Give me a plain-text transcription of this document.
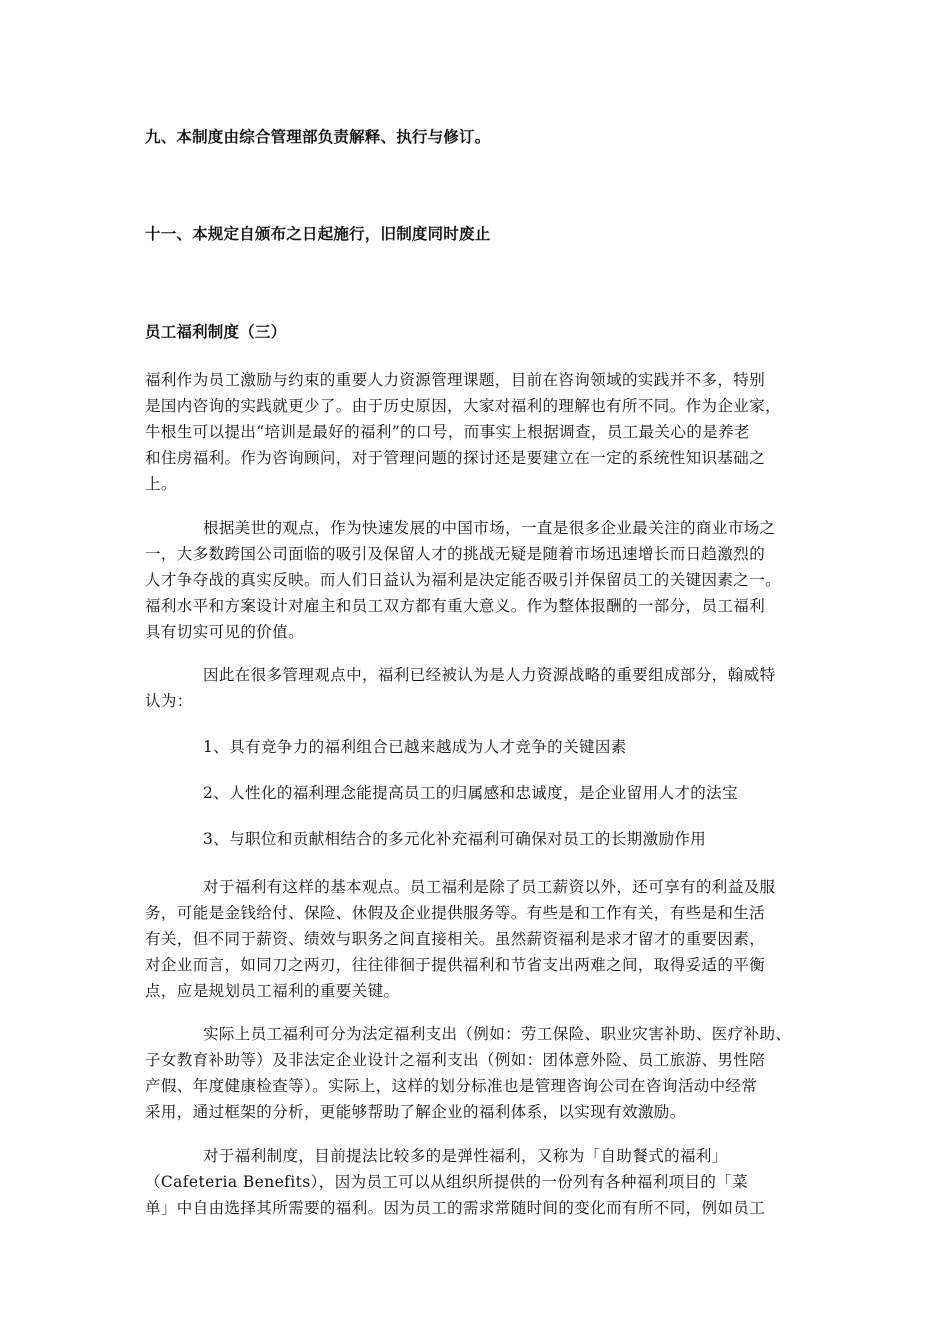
九、本制度由综合管理部负责解释、执行与修订。
十一、本规定自颁布之日起施行，旧制度同时废止
员工福利制度（三）
福利作为员工激励与约束的重要人力资源管理课题，目前在咨询领域的实践并不多，特别
是国内咨询的实践就更少了。由于历史原因，大家对福利的理解也有所不同。作为企业家，
牛根生可以提出“培训是最好的福利”的口号，而事实上根据调查，员工最关心的是养老
和住房福利。作为咨询顾问，对于管理问题的探讨还是要建立在一定的系统性知识基础之
上。
根据美世的观点，作为快速发展的中国市场，一直是很多企业最关注的商业市场之
一，大多数跨国公司面临的吸引及保留人才的挑战无疑是随着市场迅速增长而日趋激烈的
人才争夺战的真实反映。而人们日益认为福利是决定能否吸引并保留员工的关键因素之一。
福利水平和方案设计对雇主和员工双方都有重大意义。作为整体报酬的一部分，员工福利
具有切实可见的价值。
因此在很多管理观点中，福利已经被认为是人力资源战略的重要组成部分，翰威特
认为：
1、具有竞争力的福利组合已越来越成为人才竞争的关键因素
2、人性化的福利理念能提高员工的归属感和忠诚度，是企业留用人才的法宝
3、与职位和贡献相结合的多元化补充福利可确保对员工的长期激励作用
对于福利有这样的基本观点。员工福利是除了员工薪资以外，还可享有的利益及服
务，可能是金钱给付、保险、休假及企业提供服务等。有些是和工作有关，有些是和生活
有关，但不同于薪资、绩效与职务之间直接相关。虽然薪资福利是求才留才的重要因素，
对企业而言，如同刀之两刃，往往徘徊于提供福利和节省支出两难之间，取得妥适的平衡
点，应是规划员工福利的重要关键。
实际上员工福利可分为法定福利支出（例如：劳工保险、职业灾害补助、医疗补助、
子女教育补助等）及非法定企业设计之福利支出（例如：团体意外险、员工旅游、男性陪
产假、年度健康检查等）。实际上，这样的划分标准也是管理咨询公司在咨询活动中经常
采用，通过框架的分析，更能够帮助了解企业的福利体系，以实现有效激励。
对于福利制度，目前提法比较多的是弹性福利，又称为「自助餐式的福利」
（Cafeteria Benefits），因为员工可以从组织所提供的一份列有各种福利项目的「菜
单」中自由选择其所需要的福利。因为员工的需求常随时间的变化而有所不同，例如员工
